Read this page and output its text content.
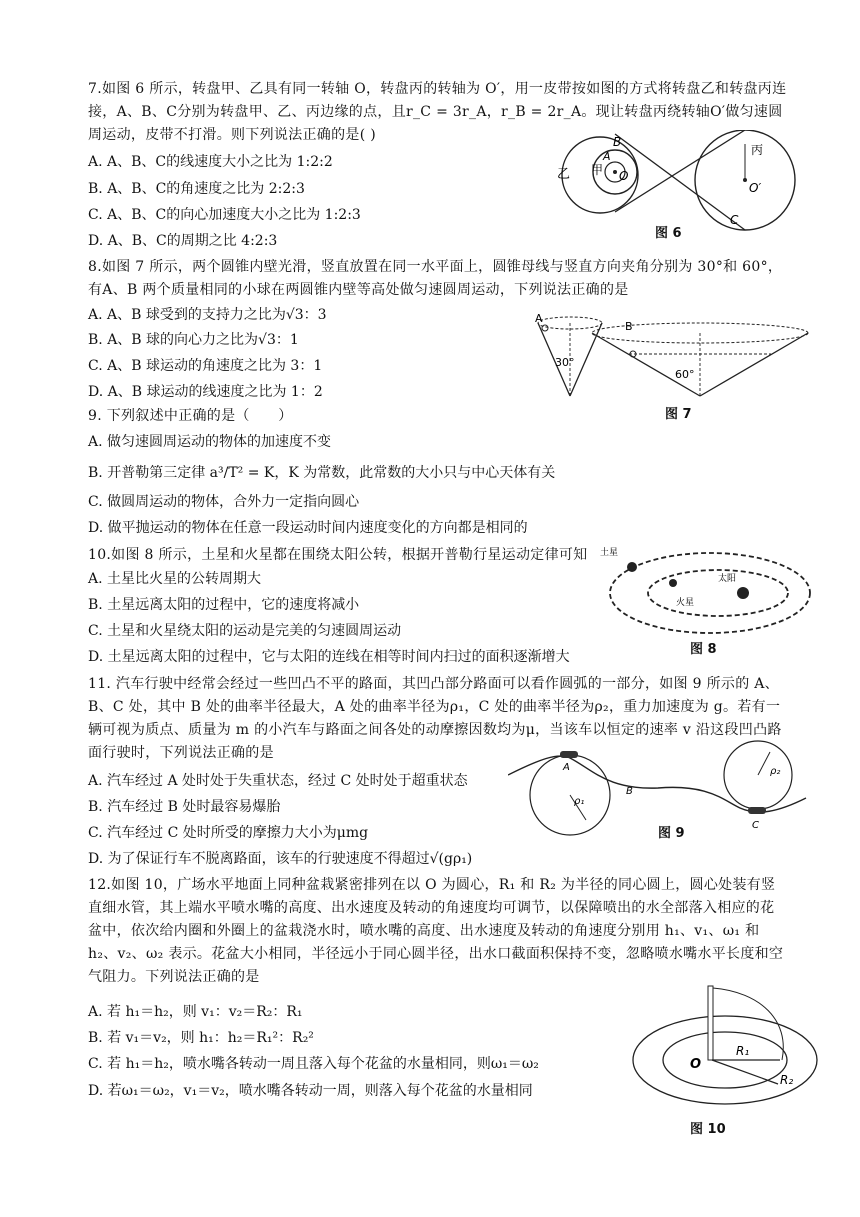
7.如图 6 所示，转盘甲、乙具有同一转轴 O，转盘丙的转轴为 O′，用一皮带按如图的方式将转盘乙和转盘丙连接，A、B、C分别为转盘甲、乙、丙边缘的点，且r_C = 3r_A，r_B = 2r_A。现让转盘丙绕转轴O′做匀速圆周运动，皮带不打滑。则下列说法正确的是( )
A. A、B、C的线速度大小之比为 1:2:2
B. A、B、C的角速度之比为 2:2:3
C. A、B、C的向心加速度大小之比为 1:2:3
D. A、B、C的周期之比 4:2:3
乙 甲
A
B
O
丙
O′
C
图 6
8.如图 7 所示，两个圆锥内壁光滑，竖直放置在同一水平面上，圆锥母线与竖直方向夹角分别为 30°和 60°，有A、B 两个质量相同的小球在两圆锥内壁等高处做匀速圆周运动，下列说法正确的是
A. A、B 球受到的支持力之比为√3：3
B. A、B 球的向心力之比为√3：1
C. A、B 球运动的角速度之比为 3：1
D. A、B 球运动的线速度之比为 1：2
A
30°
B
60°
图 7
9. 下列叙述中正确的是（　　）
A. 做匀速圆周运动的物体的加速度不变
B. 开普勒第三定律 a³/T² = K，K 为常数，此常数的大小只与中心天体有关
C. 做圆周运动的物体，合外力一定指向圆心
D. 做平抛运动的物体在任意一段运动时间内速度变化的方向都是相同的
10.如图 8 所示，土星和火星都在围绕太阳公转，根据开普勒行星运动定律可知
A. 土星比火星的公转周期大
B. 土星远离太阳的过程中，它的速度将减小
C. 土星和火星绕太阳的运动是完美的匀速圆周运动
D. 土星远离太阳的过程中，它与太阳的连线在相等时间内扫过的面积逐渐增大
土星
火星
太阳
图 8
11. 汽车行驶中经常会经过一些凹凸不平的路面，其凹凸部分路面可以看作圆弧的一部分，如图 9 所示的 A、B、C 处，其中 B 处的曲率半径最大，A 处的曲率半径为ρ₁，C 处的曲率半径为ρ₂，重力加速度为 g。若有一辆可视为质点、质量为 m 的小汽车与路面之间各处的动摩擦因数均为μ，当该车以恒定的速率 v 沿这段凹凸路面行驶时，下列说法正确的是
A. 汽车经过 A 处时处于失重状态，经过 C 处时处于超重状态
B. 汽车经过 B 处时最容易爆胎
C. 汽车经过 C 处时所受的摩擦力大小为μmg
D. 为了保证行车不脱离路面，该车的行驶速度不得超过√(gρ₁)
A
ρ₁
B
ρ₂
C
图 9
12.如图 10，广场水平地面上同种盆栽紧密排列在以 O 为圆心，R₁ 和 R₂ 为半径的同心圆上，圆心处装有竖直细水管，其上端水平喷水嘴的高度、出水速度及转动的角速度均可调节，以保障喷出的水全部落入相应的花盆中，依次给内圈和外圈上的盆栽浇水时，喷水嘴的高度、出水速度及转动的角速度分别用 h₁、v₁、ω₁ 和 h₂、v₂、ω₂ 表示。花盆大小相同，半径远小于同心圆半径，出水口截面积保持不变，忽略喷水嘴水平长度和空气阻力。下列说法正确的是
A. 若 h₁＝h₂，则 v₁：v₂＝R₂：R₁
B. 若 v₁＝v₂，则 h₁：h₂＝R₁²：R₂²
C. 若 h₁＝h₂，喷水嘴各转动一周且落入每个花盆的水量相同，则ω₁＝ω₂
D. 若ω₁＝ω₂，v₁＝v₂，喷水嘴各转动一周，则落入每个花盆的水量相同
O
R₁
R₂
图 10
